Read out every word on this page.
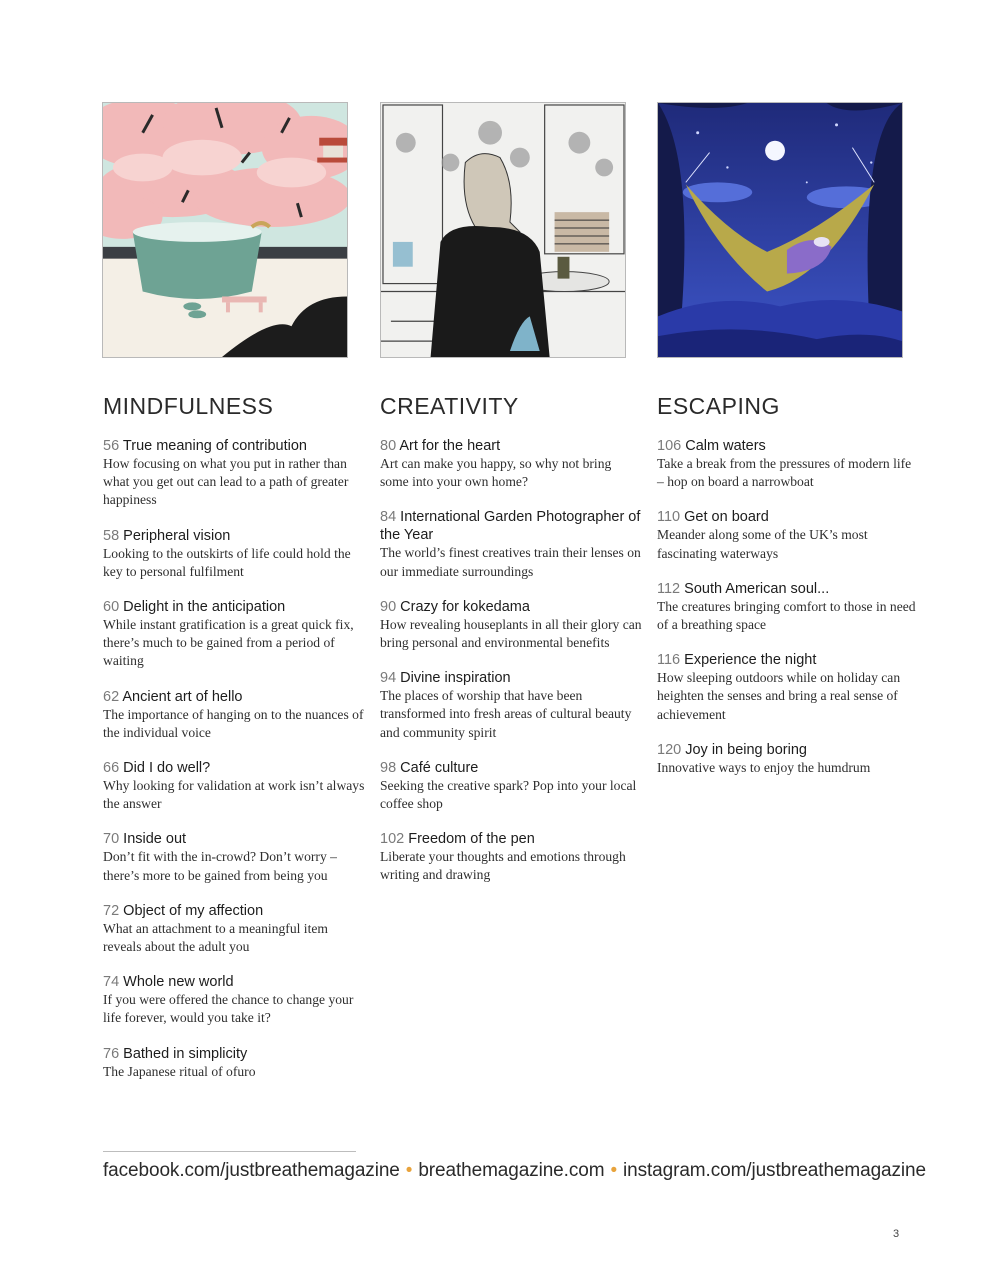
MINDFULNESS
56 True meaning of contribution
How focusing on what you put in rather than what you get out can lead to a path of greater happiness
58 Peripheral vision
Looking to the outskirts of life could hold the key to personal fulfilment
60 Delight in the anticipation
While instant gratification is a great quick fix, there’s much to be gained from a period of waiting
62 Ancient art of hello
The importance of hanging on to the nuances of the individual voice
66 Did I do well?
Why looking for validation at work isn’t always the answer
70 Inside out
Don’t fit with the in-crowd? Don’t worry – there’s more to be gained from being you
72 Object of my affection
What an attachment to a meaningful item reveals about the adult you
74 Whole new world
If you were offered the chance to change your life forever, would you take it?
76 Bathed in simplicity
The Japanese ritual of ofuro
CREATIVITY
80 Art for the heart
Art can make you happy, so why not bring some into your own home?
84 International Garden Photographer of the Year
The world’s finest creatives train their lenses on our immediate surroundings
90 Crazy for kokedama
How revealing houseplants in all their glory can bring personal and environmental benefits
94 Divine inspiration
The places of worship that have been transformed into fresh areas of cultural beauty and community spirit
98 Café culture
Seeking the creative spark? Pop into your local coffee shop
102 Freedom of the pen
Liberate your thoughts and emotions through writing and drawing
ESCAPING
106 Calm waters
Take a break from the pressures of modern life – hop on board a narrowboat
110 Get on board
Meander along some of the UK’s most fascinating waterways
112 South American soul...
The creatures bringing comfort to those in need of a breathing space
116 Experience the night
How sleeping outdoors while on holiday can heighten the senses and bring a real sense of achievement
120 Joy in being boring
Innovative ways to enjoy the humdrum
facebook.com/justbreathemagazine • breathemagazine.com • instagram.com/justbreathemagazine
3
